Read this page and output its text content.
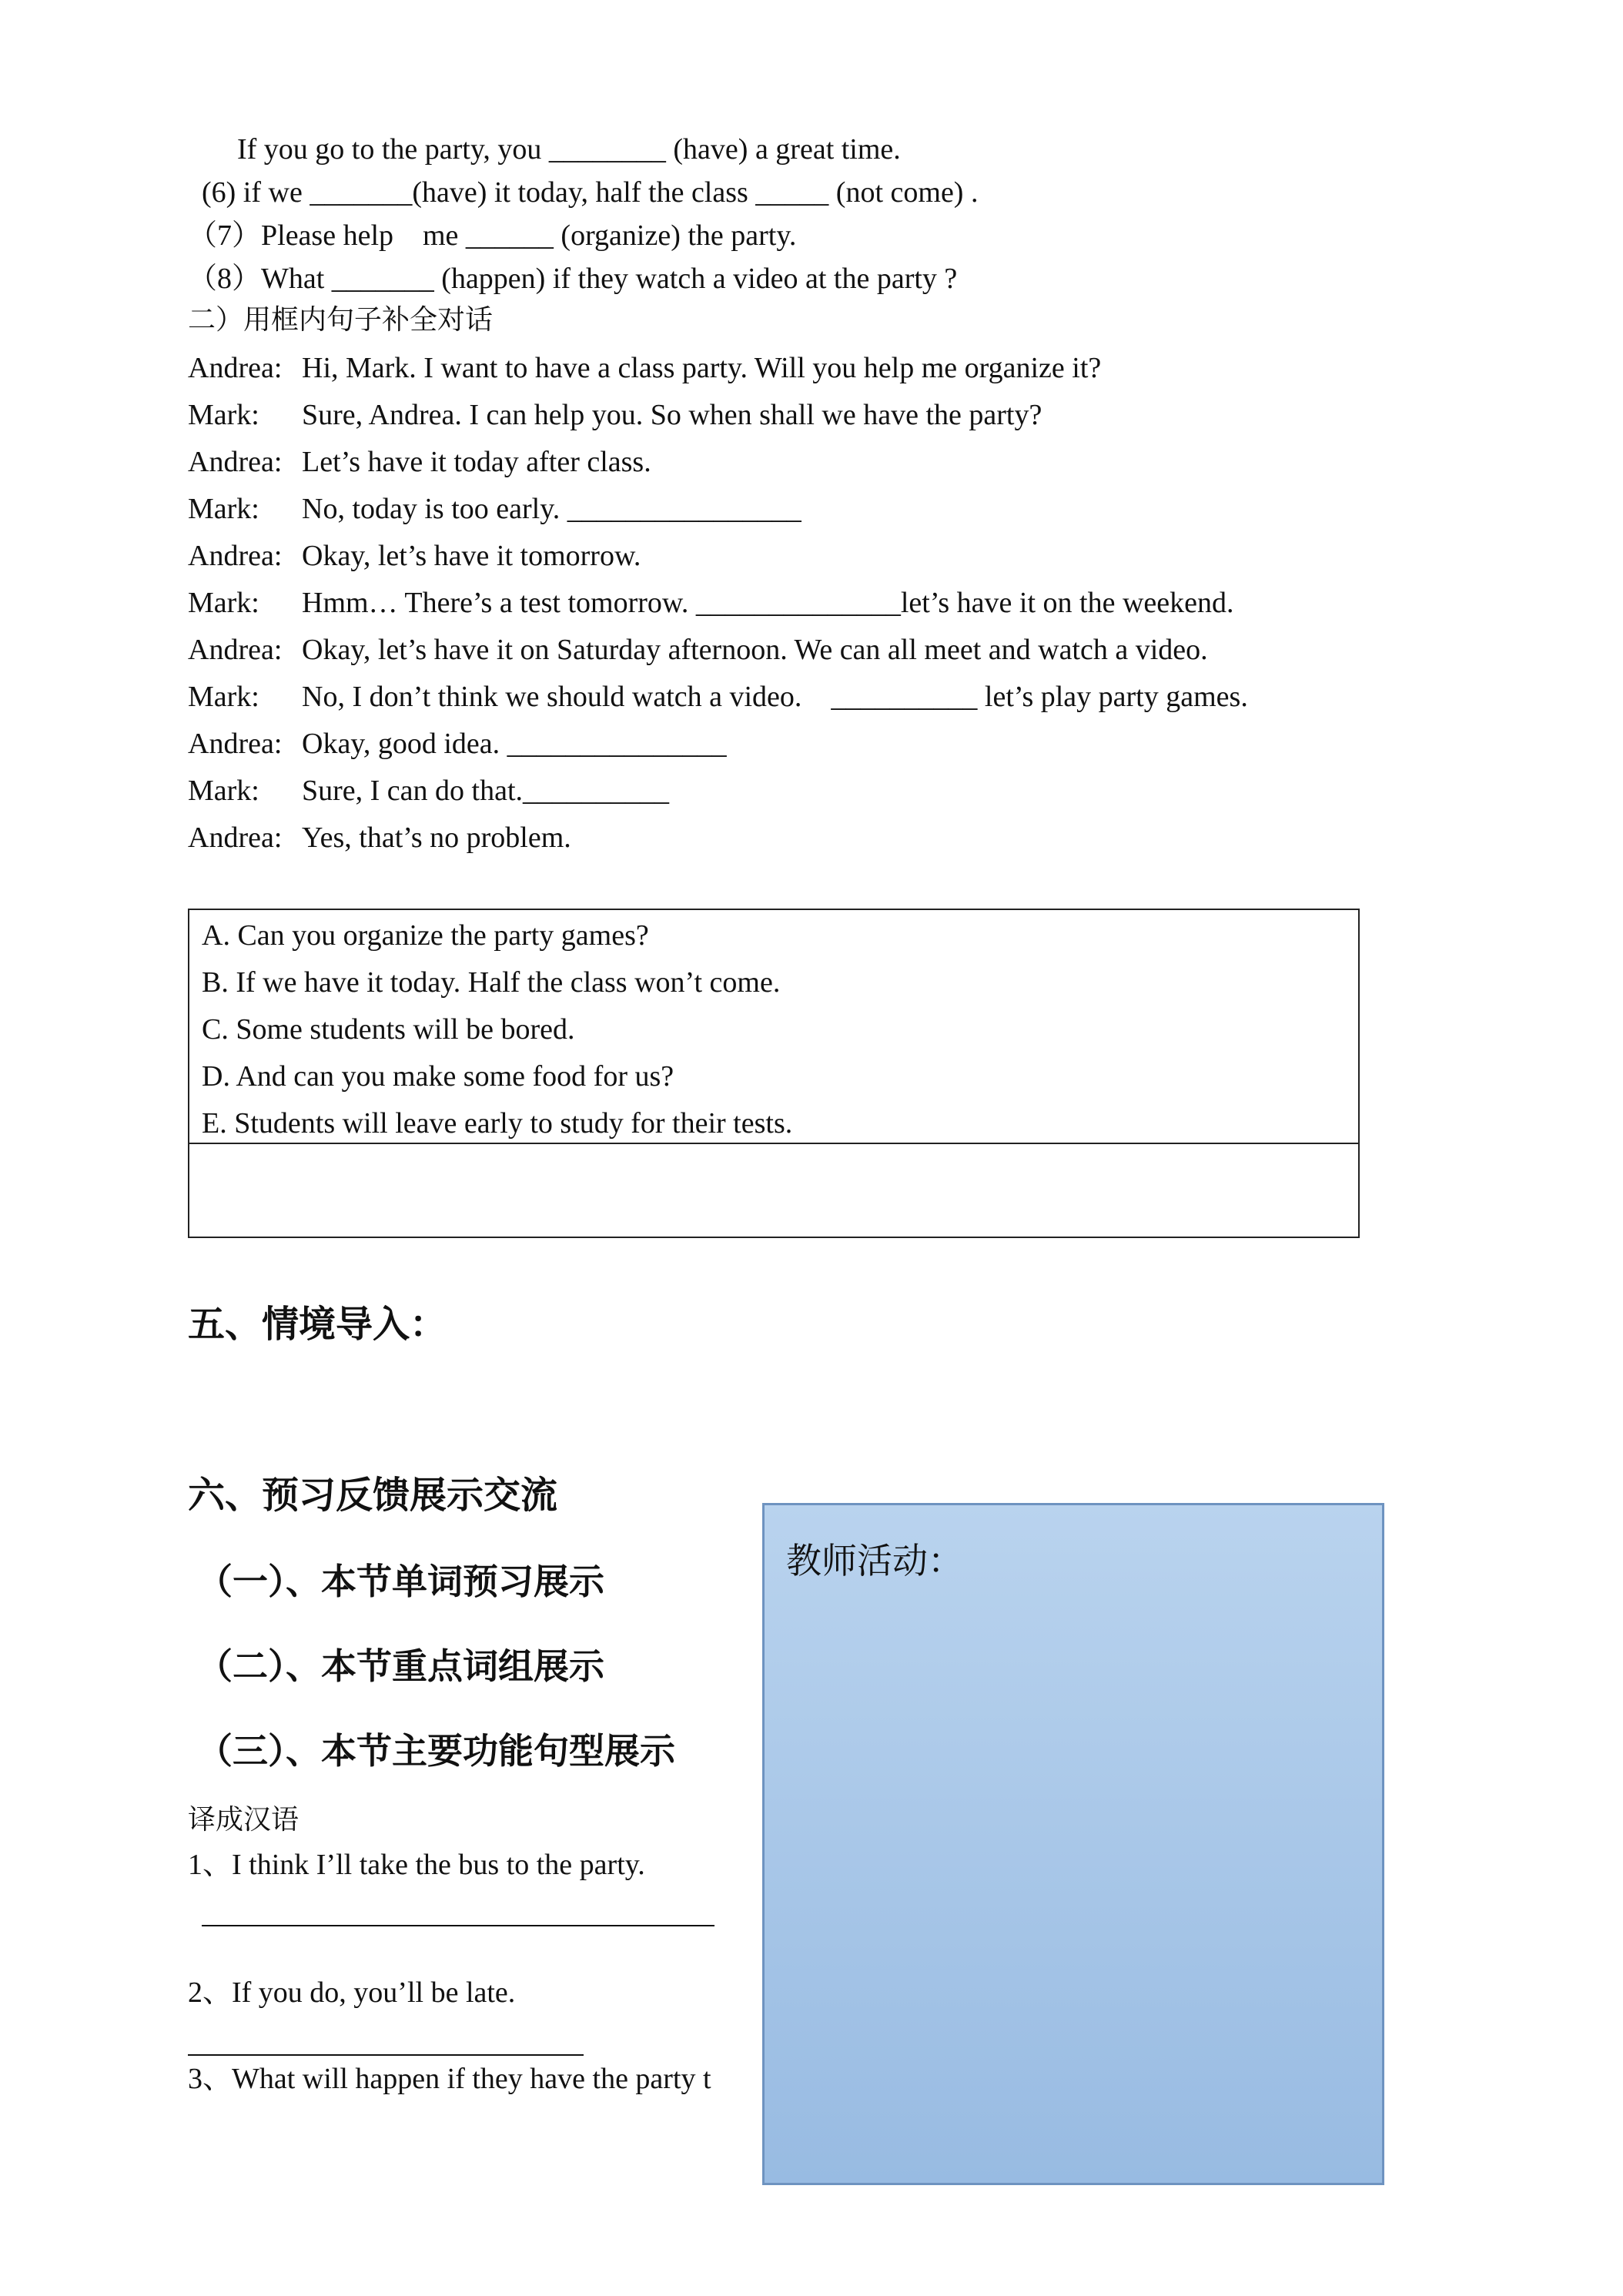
If you go to the party, you ________ (have) a great time.
(6) if we _______(have) it today, half the class _____ (not come) .
（7）Please help    me ______ (organize) the party.
（8）What _______ (happen) if they watch a video at the party ?
二）用框内句子补全对话
Andrea: Hi, Mark. I want to have a class party. Will you help me organize it?
Mark: Sure, Andrea. I can help you. So when shall we have the party?
Andrea: Let’s have it today after class.
Mark: No, today is too early. ________________
Andrea: Okay, let’s have it tomorrow.
Mark: Hmm… There’s a test tomorrow. ______________let’s have it on the weekend.
Andrea: Okay, let’s have it on Saturday afternoon. We can all meet and watch a video.
Mark: No, I don’t think we should watch a video.    __________ let’s play party games.
Andrea: Okay, good idea. _______________
Mark: Sure, I can do that.__________
Andrea: Yes, that’s no problem.
A. Can you organize the party games?
B. If we have it today. Half the class won’t come.
C. Some students will be bored.
D. And can you make some food for us?
E. Students will leave early to study for their tests.
五、情境导入：
六、预习反馈展示交流
（一）、本节单词预习展示
（二）、本节重点词组展示
（三）、本节主要功能句型展示
译成汉语
1、I think I’ll take the bus to the party.
2、If you do, you’ll be late.
3、What will happen if they have the party t
教师活动：
